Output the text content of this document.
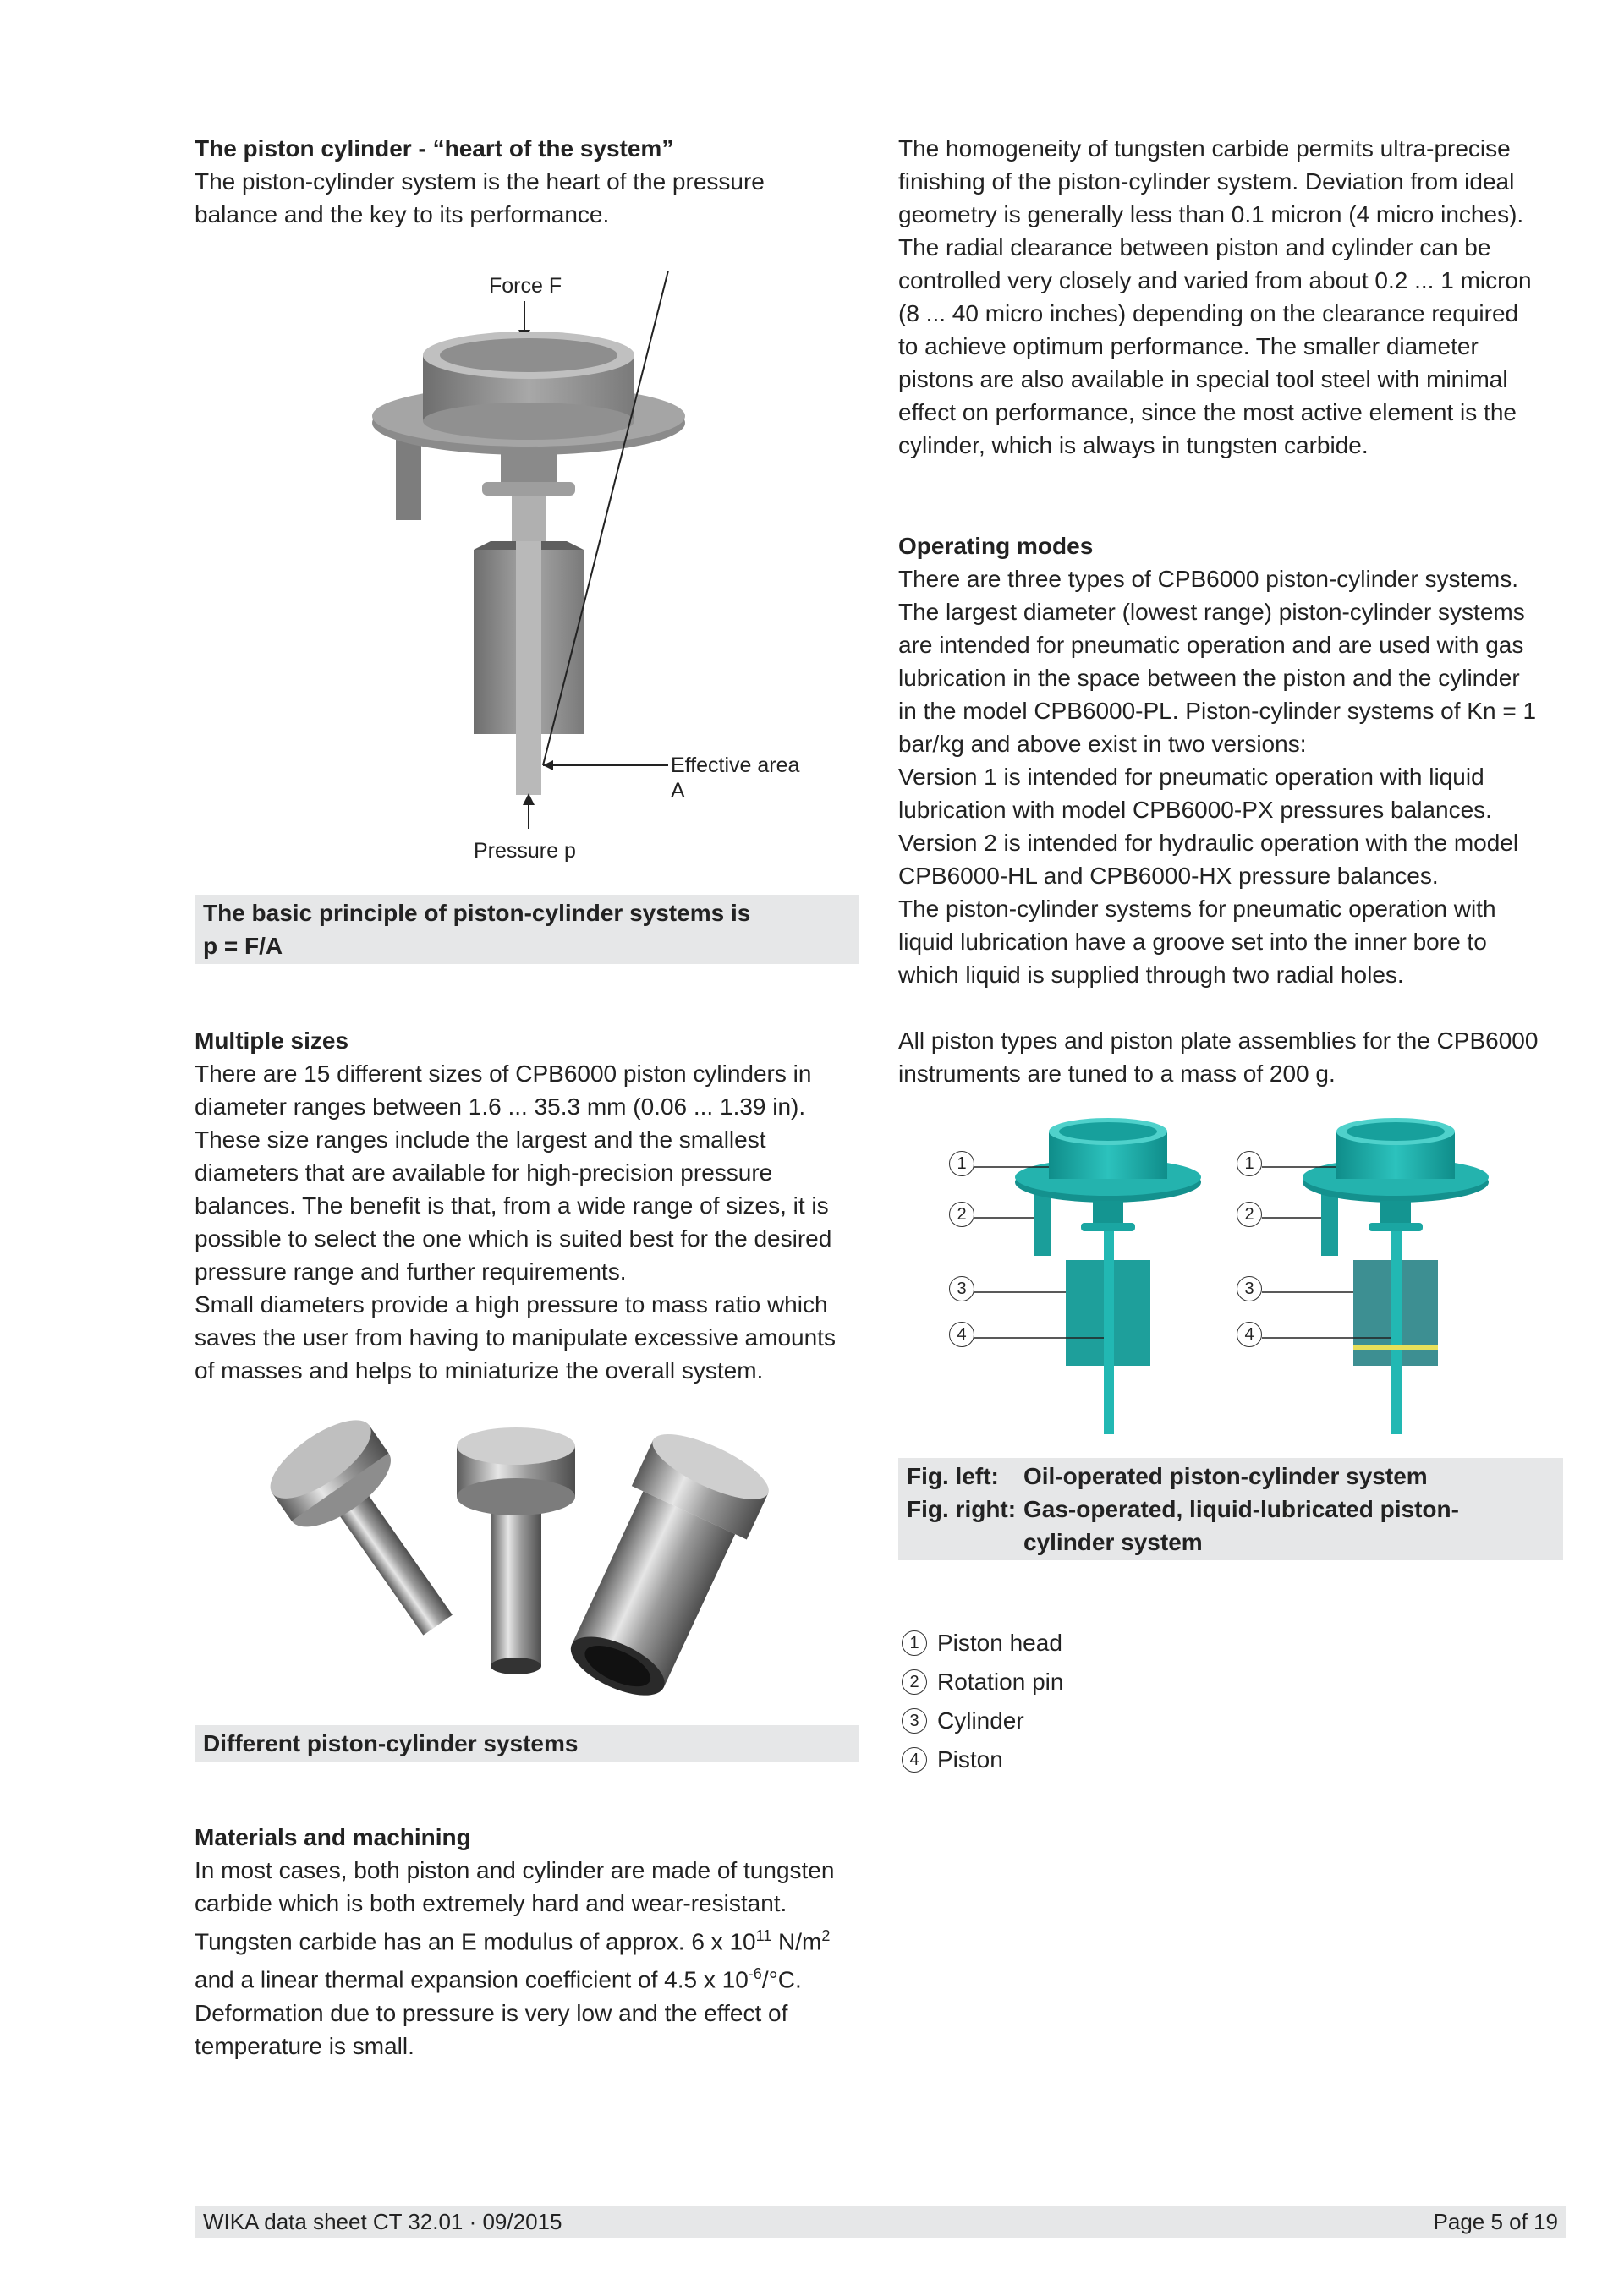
The piston cylinder - “heart of the system”

The piston-cylinder system is the heart of the pressure

balance and the key to its performance.

Force F
Effective area
A
Pressure p
The basic principle of piston-cylinder systems is
p = F/A
Multiple sizes

There are 15 different sizes of CPB6000 piston cylinders in

diameter ranges between 1.6 ... 35.3 mm (0.06 ... 1.39 in).

These size ranges include the largest and the smallest

diameters that are available for high-precision pressure

balances. The benefit is that, from a wide range of sizes, it is

possible to select the one which is suited best for the desired

pressure range and further requirements.

Small diameters provide a high pressure to mass ratio which

saves the user from having to manipulate excessive amounts

of masses and helps to miniaturize the overall system.

Different piston-cylinder systems
Materials and machining

In most cases, both piston and cylinder are made of tungsten

carbide which is both extremely hard and wear-resistant.

Tungsten carbide has an E modulus of approx. 6 x $10^{11}$ $N/m^2$

and a linear thermal expansion coefficient of 4.5 x $10^{-6}/^\circ C$.

Deformation due to pressure is very low and the effect of

temperature is small.

The homogeneity of tungsten carbide permits ultra-precise

finishing of the piston-cylinder system. Deviation from ideal

geometry is generally less than 0.1 micron (4 micro inches).

The radial clearance between piston and cylinder can be

controlled very closely and varied from about 0.2 ... 1 micron

(8 ... 40 micro inches) depending on the clearance required

to achieve optimum performance. The smaller diameter

pistons are also available in special tool steel with minimal

effect on performance, since the most active element is the

cylinder, which is always in tungsten carbide.

Operating modes

There are three types of CPB6000 piston-cylinder systems.

The largest diameter (lowest range) piston-cylinder systems

are intended for pneumatic operation and are used with gas

lubrication in the space between the piston and the cylinder

in the model CPB6000-PL. Piston-cylinder systems of Kn = 1

bar/kg and above exist in two versions:

Version 1 is intended for pneumatic operation with liquid

lubrication with model CPB6000-PX pressures balances.

Version 2 is intended for hydraulic operation with the model

CPB6000-HL and CPB6000-HX pressure balances.

The piston-cylinder systems for pneumatic operation with

liquid lubrication have a groove set into the inner bore to

which liquid is supplied through two radial holes.

All piston types and piston plate assemblies for the CPB6000

instruments are tuned to a mass of 200 g.

1
2
3
4
1
2
3
4
Fig. left:	Oil-operated piston-cylinder system
Fig. right: Gas-operated, liquid-lubricated piston-
cylinder system
1 Piston head
2 Rotation pin
3 Cylinder
4 Piston
WIKA data sheet CT 32.01 · 09/2015	Page 5 of 19
